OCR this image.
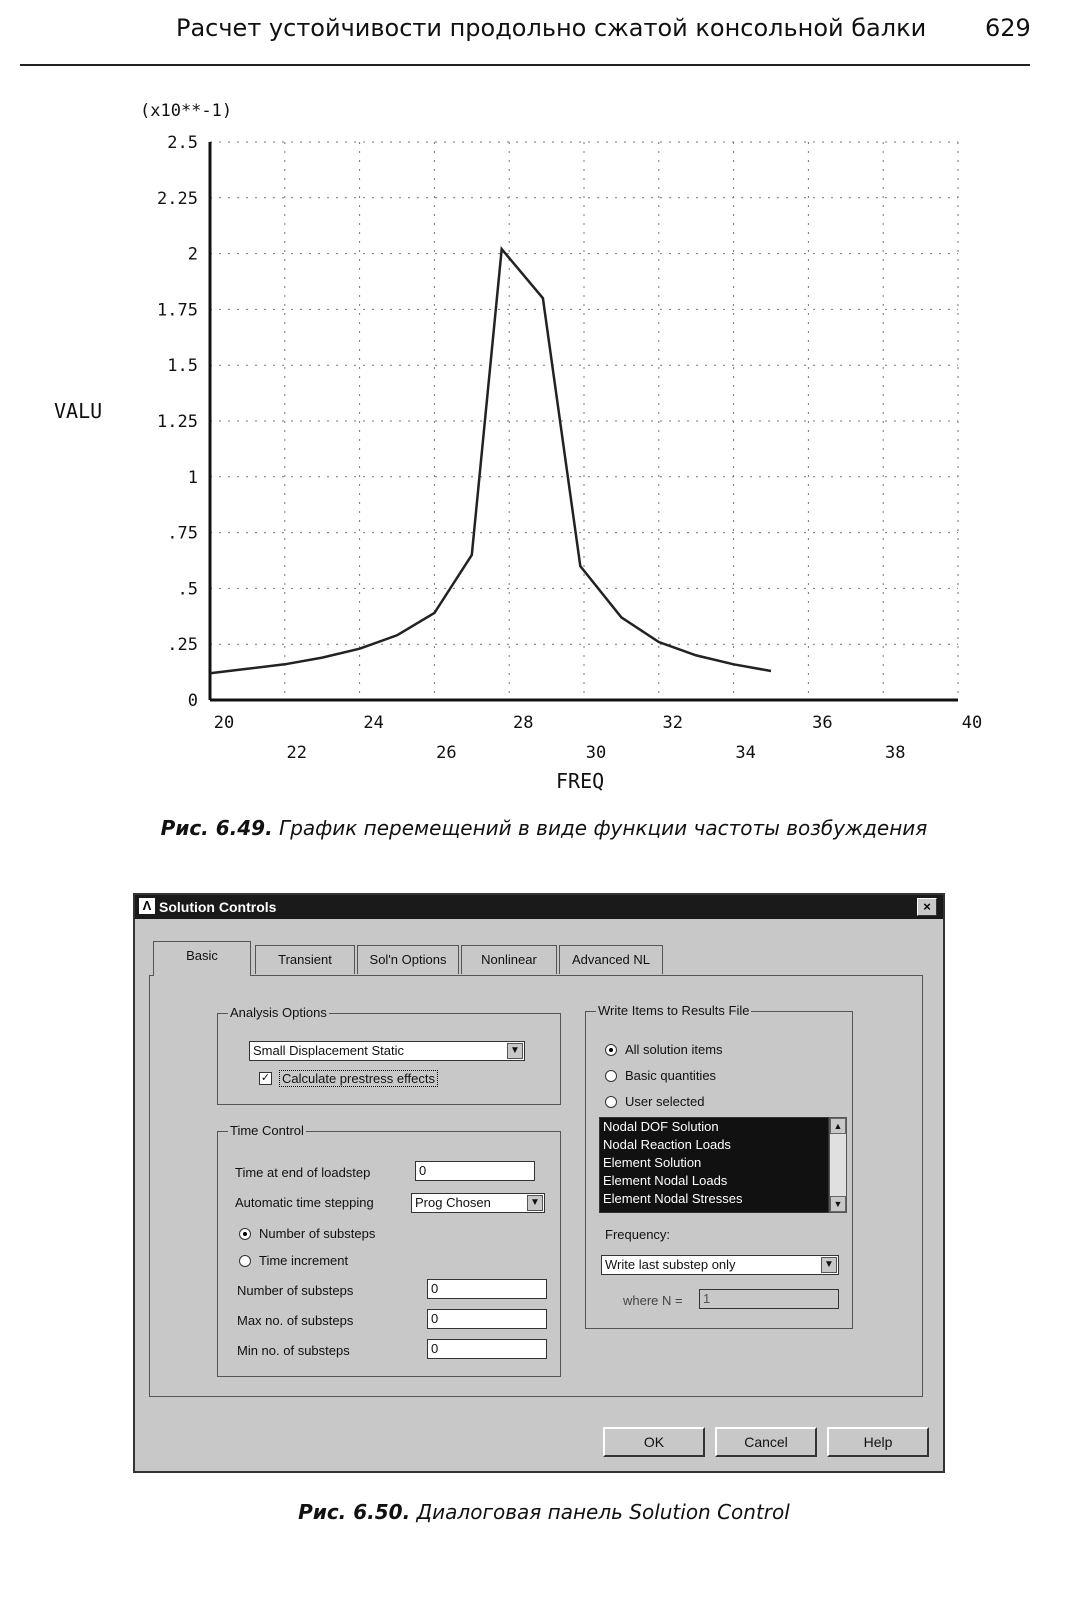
Расчет устойчивости продольно сжатой консольной балки 629
0
.25
.5
.75
1
1.25
1.5
1.75
2
2.25
2.5
20	24	28	32	36	40
22	26	30	34	38
(x10**-1)
VALU
FREQ
Рис. 6.49. График перемещений в виде функции частоты возбуждения
Λ Solution Controls	×
Basic	Transient	Sol'n Options	Nonlinear	Advanced NL
Analysis Options
Small Displacement Static	▼
✓ Calculate prestress effects
Time Control
Time at end of loadstep	0
Automatic time stepping	Prog Chosen	▼
Number of substeps
Time increment
Number of substeps	0
Max no. of substeps	0
Min no. of substeps	0
Write Items to Results File
All solution items
Basic quantities
User selected
Nodal DOF Solution
Nodal Reaction Loads
Element Solution
Element Nodal Loads
Element Nodal Stresses
▲
▼
Frequency:
Write last substep only	▼
where N =	1
OK	Cancel	Help
Рис. 6.50. Диалоговая панель Solution Control
